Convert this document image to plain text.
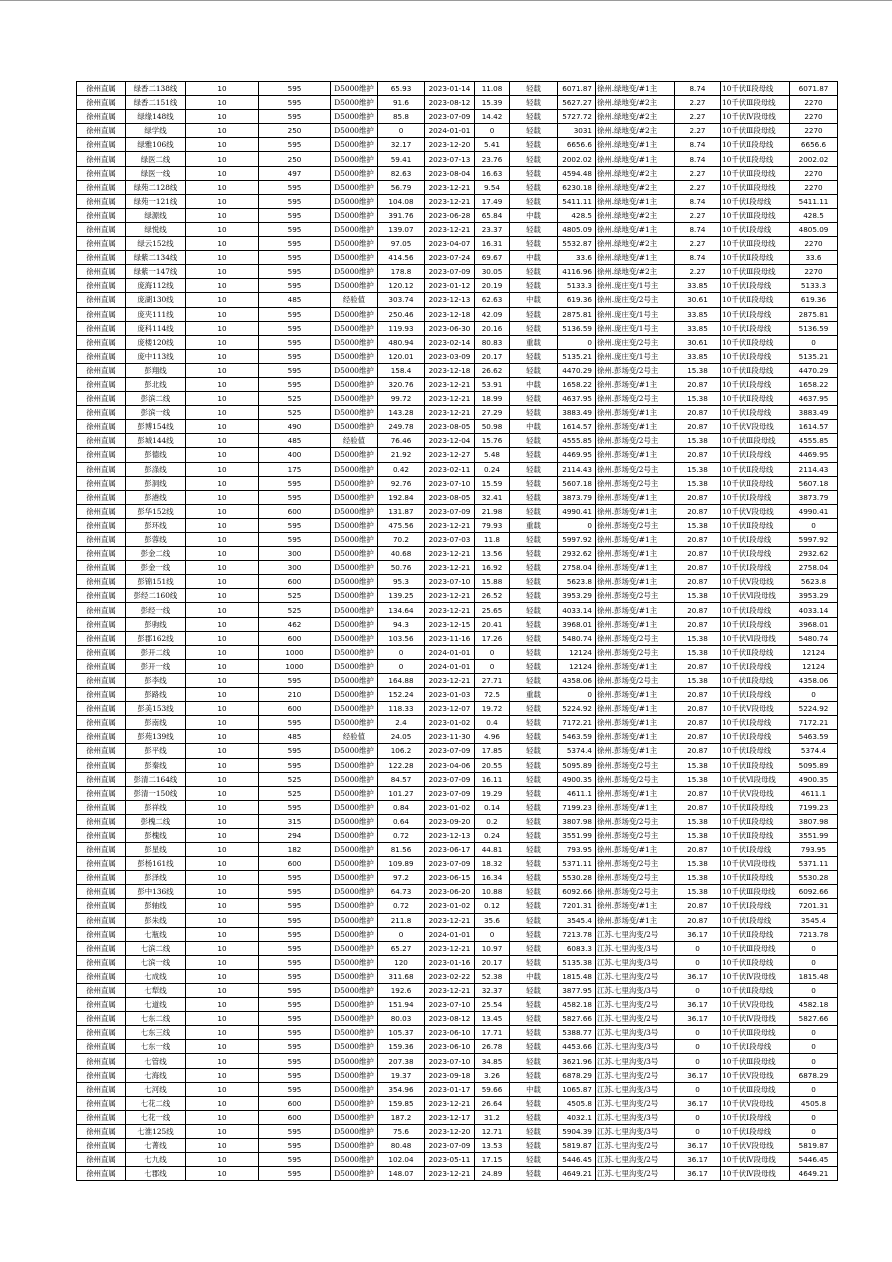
徐州直属	绿香二138线	10	595	D5000维护	65.93	2023-01-14	11.08	轻载	6071.87	徐州.绿地变/#1主	8.74	10千伏Ⅱ段母线	6071.87
徐州直属	绿香二151线	10	595	D5000维护	91.6	2023-08-12	15.39	轻载	5627.27	徐州.绿地变/#2主	2.27	10千伏Ⅲ段母线	2270
徐州直属	绿缘148线	10	595	D5000维护	85.8	2023-07-09	14.42	轻载	5727.72	徐州.绿地变/#2主	2.27	10千伏Ⅳ段母线	2270
徐州直属	绿学线	10	250	D5000维护	0	2024-01-01	0	轻载	3031	徐州.绿地变/#2主	2.27	10千伏Ⅲ段母线	2270
徐州直属	绿雅106线	10	595	D5000维护	32.17	2023-12-20	5.41	轻载	6656.6	徐州.绿地变/#1主	8.74	10千伏Ⅱ段母线	6656.6
徐州直属	绿医二线	10	250	D5000维护	59.41	2023-07-13	23.76	轻载	2002.02	徐州.绿地变/#1主	8.74	10千伏Ⅱ段母线	2002.02
徐州直属	绿医一线	10	497	D5000维护	82.63	2023-08-04	16.63	轻载	4594.48	徐州.绿地变/#2主	2.27	10千伏Ⅲ段母线	2270
徐州直属	绿苑二128线	10	595	D5000维护	56.79	2023-12-21	9.54	轻载	6230.18	徐州.绿地变/#2主	2.27	10千伏Ⅲ段母线	2270
徐州直属	绿苑一121线	10	595	D5000维护	104.08	2023-12-21	17.49	轻载	5411.11	徐州.绿地变/#1主	8.74	10千伏Ⅰ段母线	5411.11
徐州直属	绿源线	10	595	D5000维护	391.76	2023-06-28	65.84	中载	428.5	徐州.绿地变/#2主	2.27	10千伏Ⅲ段母线	428.5
徐州直属	绿悦线	10	595	D5000维护	139.07	2023-12-21	23.37	轻载	4805.09	徐州.绿地变/#1主	8.74	10千伏Ⅰ段母线	4805.09
徐州直属	绿云152线	10	595	D5000维护	97.05	2023-04-07	16.31	轻载	5532.87	徐州.绿地变/#2主	2.27	10千伏Ⅲ段母线	2270
徐州直属	绿紫二134线	10	595	D5000维护	414.56	2023-07-24	69.67	中载	33.6	徐州.绿地变/#1主	8.74	10千伏Ⅱ段母线	33.6
徐州直属	绿紫一147线	10	595	D5000维护	178.8	2023-07-09	30.05	轻载	4116.96	徐州.绿地变/#2主	2.27	10千伏Ⅲ段母线	2270
徐州直属	庞海112线	10	595	D5000维护	120.12	2023-01-12	20.19	轻载	5133.3	徐州.庞庄变/1号主	33.85	10千伏Ⅰ段母线	5133.3
徐州直属	庞湖130线	10	485	经验值	303.74	2023-12-13	62.63	中载	619.36	徐州.庞庄变/2号主	30.61	10千伏Ⅱ段母线	619.36
徐州直属	庞夹111线	10	595	D5000维护	250.46	2023-12-18	42.09	轻载	2875.81	徐州.庞庄变/1号主	33.85	10千伏Ⅰ段母线	2875.81
徐州直属	庞科114线	10	595	D5000维护	119.93	2023-06-30	20.16	轻载	5136.59	徐州.庞庄变/1号主	33.85	10千伏Ⅰ段母线	5136.59
徐州直属	庞楼120线	10	595	D5000维护	480.94	2023-02-14	80.83	重载	0	徐州.庞庄变/2号主	30.61	10千伏Ⅱ段母线	0
徐州直属	庞中113线	10	595	D5000维护	120.01	2023-03-09	20.17	轻载	5135.21	徐州.庞庄变/1号主	33.85	10千伏Ⅰ段母线	5135.21
徐州直属	彭翔线	10	595	D5000维护	158.4	2023-12-18	26.62	轻载	4470.29	徐州.彭场变/2号主	15.38	10千伏Ⅱ段母线	4470.29
徐州直属	彭北线	10	595	D5000维护	320.76	2023-12-21	53.91	中载	1658.22	徐州.彭场变/#1主	20.87	10千伏Ⅰ段母线	1658.22
徐州直属	彭滨二线	10	525	D5000维护	99.72	2023-12-21	18.99	轻载	4637.95	徐州.彭场变/2号主	15.38	10千伏Ⅱ段母线	4637.95
徐州直属	彭滨一线	10	525	D5000维护	143.28	2023-12-21	27.29	轻载	3883.49	徐州.彭场变/#1主	20.87	10千伏Ⅰ段母线	3883.49
徐州直属	彭博154线	10	490	D5000维护	249.78	2023-08-05	50.98	中载	1614.57	徐州.彭场变/#1主	20.87	10千伏Ⅴ段母线	1614.57
徐州直属	彭城144线	10	485	经验值	76.46	2023-12-04	15.76	轻载	4555.85	徐州.彭场变/2号主	15.38	10千伏Ⅲ段母线	4555.85
徐州直属	彭德线	10	400	D5000维护	21.92	2023-12-27	5.48	轻载	4469.95	徐州.彭场变/#1主	20.87	10千伏Ⅰ段母线	4469.95
徐州直属	彭涤线	10	175	D5000维护	0.42	2023-02-11	0.24	轻载	2114.43	徐州.彭场变/2号主	15.38	10千伏Ⅱ段母线	2114.43
徐州直属	彭洞线	10	595	D5000维护	92.76	2023-07-10	15.59	轻载	5607.18	徐州.彭场变/2号主	15.38	10千伏Ⅱ段母线	5607.18
徐州直属	彭港线	10	595	D5000维护	192.84	2023-08-05	32.41	轻载	3873.79	徐州.彭场变/#1主	20.87	10千伏Ⅰ段母线	3873.79
徐州直属	彭华152线	10	600	D5000维护	131.87	2023-07-09	21.98	轻载	4990.41	徐州.彭场变/#1主	20.87	10千伏Ⅴ段母线	4990.41
徐州直属	彭环线	10	595	D5000维护	475.56	2023-12-21	79.93	重载	0	徐州.彭场变/2号主	15.38	10千伏Ⅱ段母线	0
徐州直属	彭蓉线	10	595	D5000维护	70.2	2023-07-03	11.8	轻载	5997.92	徐州.彭场变/#1主	20.87	10千伏Ⅰ段母线	5997.92
徐州直属	彭金二线	10	300	D5000维护	40.68	2023-12-21	13.56	轻载	2932.62	徐州.彭场变/#1主	20.87	10千伏Ⅰ段母线	2932.62
徐州直属	彭金一线	10	300	D5000维护	50.76	2023-12-21	16.92	轻载	2758.04	徐州.彭场变/#1主	20.87	10千伏Ⅰ段母线	2758.04
徐州直属	彭锦151线	10	600	D5000维护	95.3	2023-07-10	15.88	轻载	5623.8	徐州.彭场变/#1主	20.87	10千伏Ⅴ段母线	5623.8
徐州直属	彭经二160线	10	525	D5000维护	139.25	2023-12-21	26.52	轻载	3953.29	徐州.彭场变/2号主	15.38	10千伏Ⅵ段母线	3953.29
徐州直属	彭经一线	10	525	D5000维护	134.64	2023-12-21	25.65	轻载	4033.14	徐州.彭场变/#1主	20.87	10千伏Ⅰ段母线	4033.14
徐州直属	彭驹线	10	462	D5000维护	94.3	2023-12-15	20.41	轻载	3968.01	徐州.彭场变/#1主	20.87	10千伏Ⅰ段母线	3968.01
徐州直属	彭郡162线	10	600	D5000维护	103.56	2023-11-16	17.26	轻载	5480.74	徐州.彭场变/2号主	15.38	10千伏Ⅵ段母线	5480.74
徐州直属	彭开二线	10	1000	D5000维护	0	2024-01-01	0	轻载	12124	徐州.彭场变/2号主	15.38	10千伏Ⅱ段母线	12124
徐州直属	彭开一线	10	1000	D5000维护	0	2024-01-01	0	轻载	12124	徐州.彭场变/#1主	20.87	10千伏Ⅰ段母线	12124
徐州直属	彭李线	10	595	D5000维护	164.88	2023-12-21	27.71	轻载	4358.06	徐州.彭场变/2号主	15.38	10千伏Ⅱ段母线	4358.06
徐州直属	彭路线	10	210	D5000维护	152.24	2023-01-03	72.5	重载	0	徐州.彭场变/#1主	20.87	10千伏Ⅰ段母线	0
徐州直属	彭美153线	10	600	D5000维护	118.33	2023-12-07	19.72	轻载	5224.92	徐州.彭场变/#1主	20.87	10千伏Ⅴ段母线	5224.92
徐州直属	彭南线	10	595	D5000维护	2.4	2023-01-02	0.4	轻载	7172.21	徐州.彭场变/#1主	20.87	10千伏Ⅰ段母线	7172.21
徐州直属	彭苑139线	10	485	经验值	24.05	2023-11-30	4.96	轻载	5463.59	徐州.彭场变/#1主	20.87	10千伏Ⅰ段母线	5463.59
徐州直属	彭平线	10	595	D5000维护	106.2	2023-07-09	17.85	轻载	5374.4	徐州.彭场变/#1主	20.87	10千伏Ⅰ段母线	5374.4
徐州直属	彭秦线	10	595	D5000维护	122.28	2023-04-06	20.55	轻载	5095.89	徐州.彭场变/2号主	15.38	10千伏Ⅱ段母线	5095.89
徐州直属	彭清二164线	10	525	D5000维护	84.57	2023-07-09	16.11	轻载	4900.35	徐州.彭场变/2号主	15.38	10千伏Ⅵ段母线	4900.35
徐州直属	彭清一150线	10	525	D5000维护	101.27	2023-07-09	19.29	轻载	4611.1	徐州.彭场变/#1主	20.87	10千伏Ⅴ段母线	4611.1
徐州直属	彭祥线	10	595	D5000维护	0.84	2023-01-02	0.14	轻载	7199.23	徐州.彭场变/#1主	20.87	10千伏Ⅱ段母线	7199.23
徐州直属	彭槐二线	10	315	D5000维护	0.64	2023-09-20	0.2	轻载	3807.98	徐州.彭场变/2号主	15.38	10千伏Ⅱ段母线	3807.98
徐州直属	彭槐线	10	294	D5000维护	0.72	2023-12-13	0.24	轻载	3551.99	徐州.彭场变/2号主	15.38	10千伏Ⅱ段母线	3551.99
徐州直属	彭星线	10	182	D5000维护	81.56	2023-06-17	44.81	轻载	793.95	徐州.彭场变/#1主	20.87	10千伏Ⅰ段母线	793.95
徐州直属	彭杨161线	10	600	D5000维护	109.89	2023-07-09	18.32	轻载	5371.11	徐州.彭场变/2号主	15.38	10千伏Ⅵ段母线	5371.11
徐州直属	彭泽线	10	595	D5000维护	97.2	2023-06-15	16.34	轻载	5530.28	徐州.彭场变/2号主	15.38	10千伏Ⅱ段母线	5530.28
徐州直属	彭中136线	10	595	D5000维护	64.73	2023-06-20	10.88	轻载	6092.66	徐州.彭场变/2号主	15.38	10千伏Ⅲ段母线	6092.66
徐州直属	彭轴线	10	595	D5000维护	0.72	2023-01-02	0.12	轻载	7201.31	徐州.彭场变/#1主	20.87	10千伏Ⅰ段母线	7201.31
徐州直属	彭朱线	10	595	D5000维护	211.8	2023-12-21	35.6	轻载	3545.4	徐州.彭场变/#1主	20.87	10千伏Ⅰ段母线	3545.4
徐州直属	七瓶线	10	595	D5000维护	0	2024-01-01	0	轻载	7213.78	江苏.七里沟变/2号	36.17	10千伏Ⅱ段母线	7213.78
徐州直属	七滨二线	10	595	D5000维护	65.27	2023-12-21	10.97	轻载	6083.3	江苏.七里沟变/3号	0	10千伏Ⅲ段母线	0
徐州直属	七滨一线	10	595	D5000维护	120	2023-01-16	20.17	轻载	5135.38	江苏.七里沟变/3号	0	10千伏Ⅱ段母线	0
徐州直属	七成线	10	595	D5000维护	311.68	2023-02-22	52.38	中载	1815.48	江苏.七里沟变/2号	36.17	10千伏Ⅳ段母线	1815.48
徐州直属	七犁线	10	595	D5000维护	192.6	2023-12-21	32.37	轻载	3877.95	江苏.七里沟变/3号	0	10千伏Ⅱ段母线	0
徐州直属	七道线	10	595	D5000维护	151.94	2023-07-10	25.54	轻载	4582.18	江苏.七里沟变/2号	36.17	10千伏Ⅴ段母线	4582.18
徐州直属	七东二线	10	595	D5000维护	80.03	2023-08-12	13.45	轻载	5827.66	江苏.七里沟变/2号	36.17	10千伏Ⅳ段母线	5827.66
徐州直属	七东三线	10	595	D5000维护	105.37	2023-06-10	17.71	轻载	5388.77	江苏.七里沟变/3号	0	10千伏Ⅲ段母线	0
徐州直属	七东一线	10	595	D5000维护	159.36	2023-06-10	26.78	轻载	4453.66	江苏.七里沟变/3号	0	10千伏Ⅰ段母线	0
徐州直属	七管线	10	595	D5000维护	207.38	2023-07-10	34.85	轻载	3621.96	江苏.七里沟变/3号	0	10千伏Ⅲ段母线	0
徐州直属	七海线	10	595	D5000维护	19.37	2023-09-18	3.26	轻载	6878.29	江苏.七里沟变/2号	36.17	10千伏Ⅴ段母线	6878.29
徐州直属	七河线	10	595	D5000维护	354.96	2023-01-17	59.66	中载	1065.87	江苏.七里沟变/3号	0	10千伏Ⅲ段母线	0
徐州直属	七花二线	10	600	D5000维护	159.85	2023-12-21	26.64	轻载	4505.8	江苏.七里沟变/2号	36.17	10千伏Ⅴ段母线	4505.8
徐州直属	七花一线	10	600	D5000维护	187.2	2023-12-17	31.2	轻载	4032.1	江苏.七里沟变/3号	0	10千伏Ⅰ段母线	0
徐州直属	七淮125线	10	595	D5000维护	75.6	2023-12-20	12.71	轻载	5904.39	江苏.七里沟变/3号	0	10千伏Ⅰ段母线	0
徐州直属	七菁线	10	595	D5000维护	80.48	2023-07-09	13.53	轻载	5819.87	江苏.七里沟变/2号	36.17	10千伏Ⅴ段母线	5819.87
徐州直属	七九线	10	595	D5000维护	102.04	2023-05-11	17.15	轻载	5446.45	江苏.七里沟变/2号	36.17	10千伏Ⅳ段母线	5446.45
徐州直属	七郡线	10	595	D5000维护	148.07	2023-12-21	24.89	轻载	4649.21	江苏.七里沟变/2号	36.17	10千伏Ⅳ段母线	4649.21
